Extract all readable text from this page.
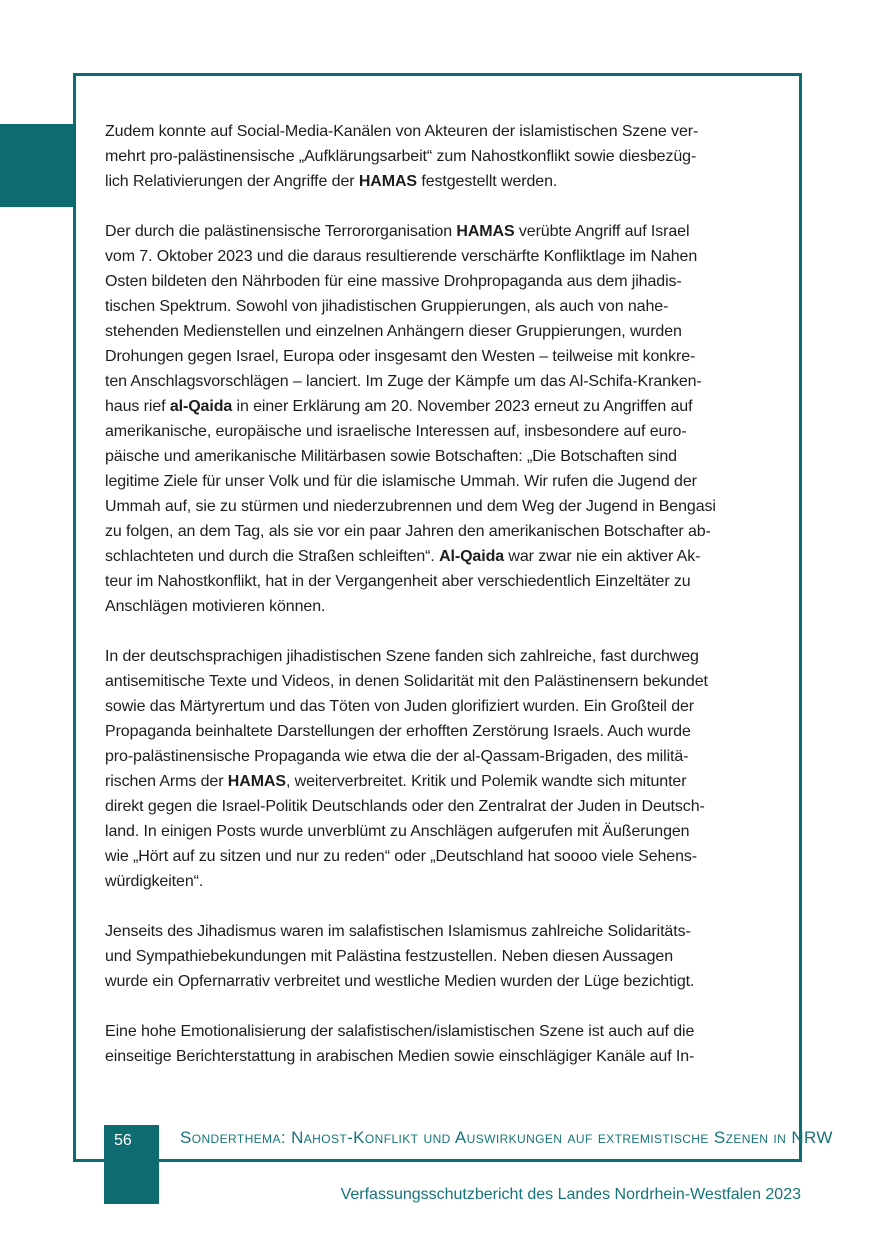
Zudem konnte auf Social-Media-Kanälen von Akteuren der islamistischen Szene ver-
mehrt pro-palästinensische „Aufklärungsarbeit“ zum Nahostkonflikt sowie diesbezüg-
lich Relativierungen der Angriffe der HAMAS festgestellt werden.
Der durch die palästinensische Terrororganisation HAMAS verübte Angriff auf Israel
vom 7. Oktober 2023 und die daraus resultierende verschärfte Konfliktlage im Nahen
Osten bildeten den Nährboden für eine massive Drohpropaganda aus dem jihadis-
tischen Spektrum. Sowohl von jihadistischen Gruppierungen, als auch von nahe-
stehenden Medienstellen und einzelnen Anhängern dieser Gruppierungen, wurden
Drohungen gegen Israel, Europa oder insgesamt den Westen – teilweise mit konkre-
ten Anschlagsvorschlägen – lanciert. Im Zuge der Kämpfe um das Al-Schifa-Kranken-
haus rief al-Qaida in einer Erklärung am 20. November 2023 erneut zu Angriffen auf
amerikanische, europäische und israelische Interessen auf, insbesondere auf euro-
päische und amerikanische Militärbasen sowie Botschaften: „Die Botschaften sind
legitime Ziele für unser Volk und für die islamische Ummah. Wir rufen die Jugend der
Ummah auf, sie zu stürmen und niederzubrennen und dem Weg der Jugend in Bengasi
zu folgen, an dem Tag, als sie vor ein paar Jahren den amerikanischen Botschafter ab-
schlachteten und durch die Straßen schleiften“. Al-Qaida war zwar nie ein aktiver Ak-
teur im Nahostkonflikt, hat in der Vergangenheit aber verschiedentlich Einzeltäter zu
Anschlägen motivieren können.
In der deutschsprachigen jihadistischen Szene fanden sich zahlreiche, fast durchweg
antisemitische Texte und Videos, in denen Solidarität mit den Palästinensern bekundet
sowie das Märtyrertum und das Töten von Juden glorifiziert wurden. Ein Großteil der
Propaganda beinhaltete Darstellungen der erhofften Zerstörung Israels. Auch wurde
pro-palästinensische Propaganda wie etwa die der al-Qassam-Brigaden, des militä-
rischen Arms der HAMAS, weiterverbreitet. Kritik und Polemik wandte sich mitunter
direkt gegen die Israel-Politik Deutschlands oder den Zentralrat der Juden in Deutsch-
land. In einigen Posts wurde unverblümt zu Anschlägen aufgerufen mit Äußerungen
wie „Hört auf zu sitzen und nur zu reden“ oder „Deutschland hat soooo viele Sehens-
würdigkeiten“.
Jenseits des Jihadismus waren im salafistischen Islamismus zahlreiche Solidaritäts-
und Sympathiebekundungen mit Palästina festzustellen. Neben diesen Aussagen
wurde ein Opfernarrativ verbreitet und westliche Medien wurden der Lüge bezichtigt.
Eine hohe Emotionalisierung der salafistischen/islamistischen Szene ist auch auf die
einseitige Berichterstattung in arabischen Medien sowie einschlägiger Kanäle auf In-
56	Sonderthema: Nahost-Konflikt und Auswirkungen auf extremistische Szenen in NRW
Verfassungsschutzbericht des Landes Nordrhein-Westfalen 2023
